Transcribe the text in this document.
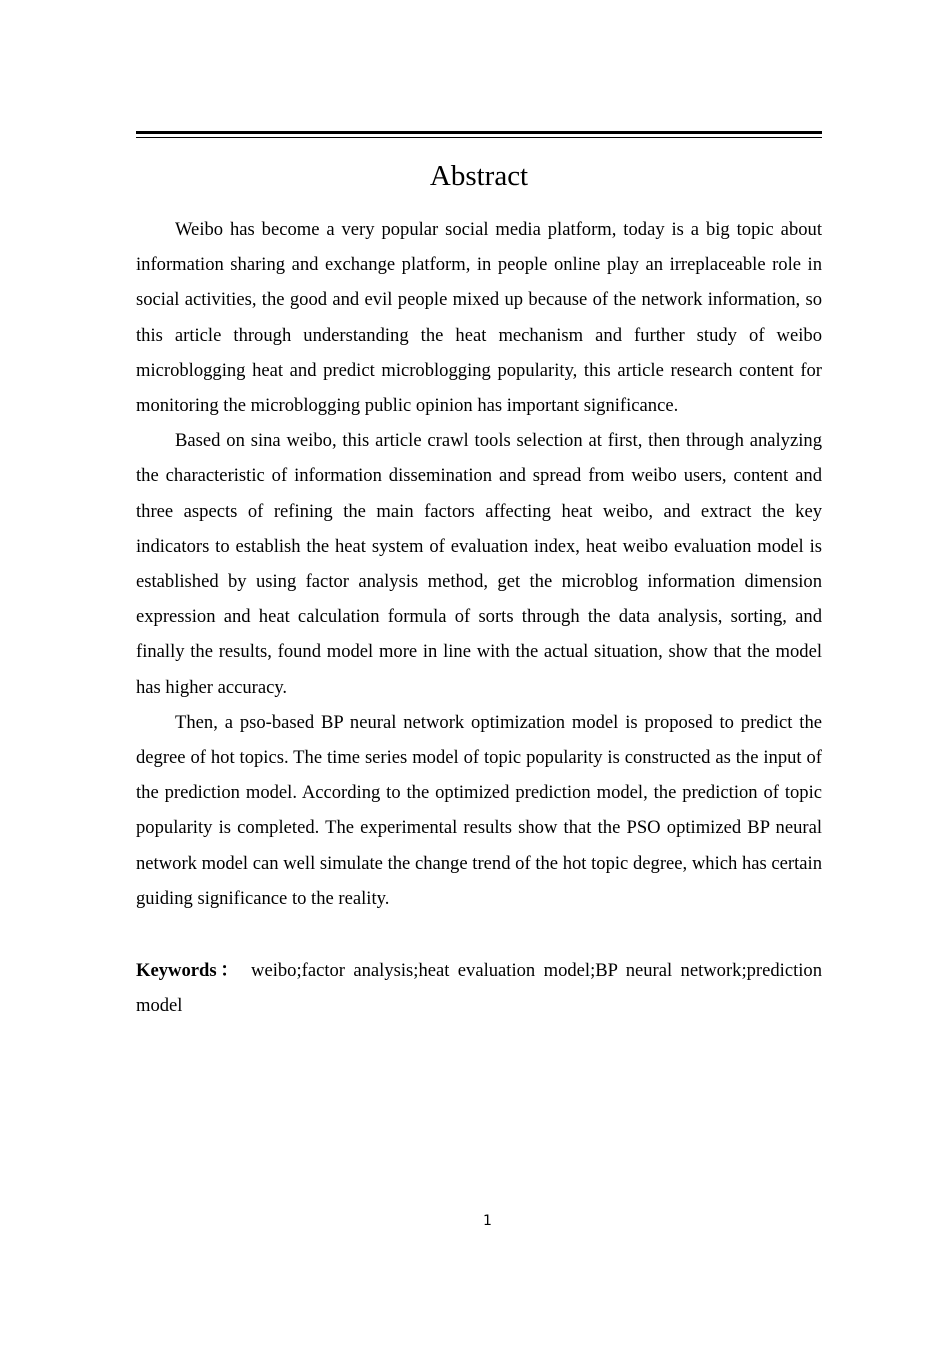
Abstract

Weibo has become a very popular social media platform, today is a big topic about information sharing and exchange platform, in people online play an irreplaceable role in social activities, the good and evil people mixed up because of the network information, so this article through understanding the heat mechanism and further study of weibo microblogging heat and predict microblogging popularity, this article research content for monitoring the microblogging public opinion has important significance.

Based on sina weibo, this article crawl tools selection at first, then through analyzing the characteristic of information dissemination and spread from weibo users, content and three aspects of refining the main factors affecting heat weibo, and extract the key indicators to establish the heat system of evaluation index, heat weibo evaluation model is established by using factor analysis method, get the microblog information dimension expression and heat calculation formula of sorts through the data analysis, sorting, and finally the results, found model more in line with the actual situation, show that the model has higher accuracy.

Then, a pso-based BP neural network optimization model is proposed to predict the degree of hot topics. The time series model of topic popularity is constructed as the input of the prediction model. According to the optimized prediction model, the prediction of topic popularity is completed. The experimental results show that the PSO optimized BP neural network model can well simulate the change trend of the hot topic degree, which has certain guiding significance to the reality.

Keywords： weibo;factor analysis;heat evaluation model;BP neural network;prediction model

1
